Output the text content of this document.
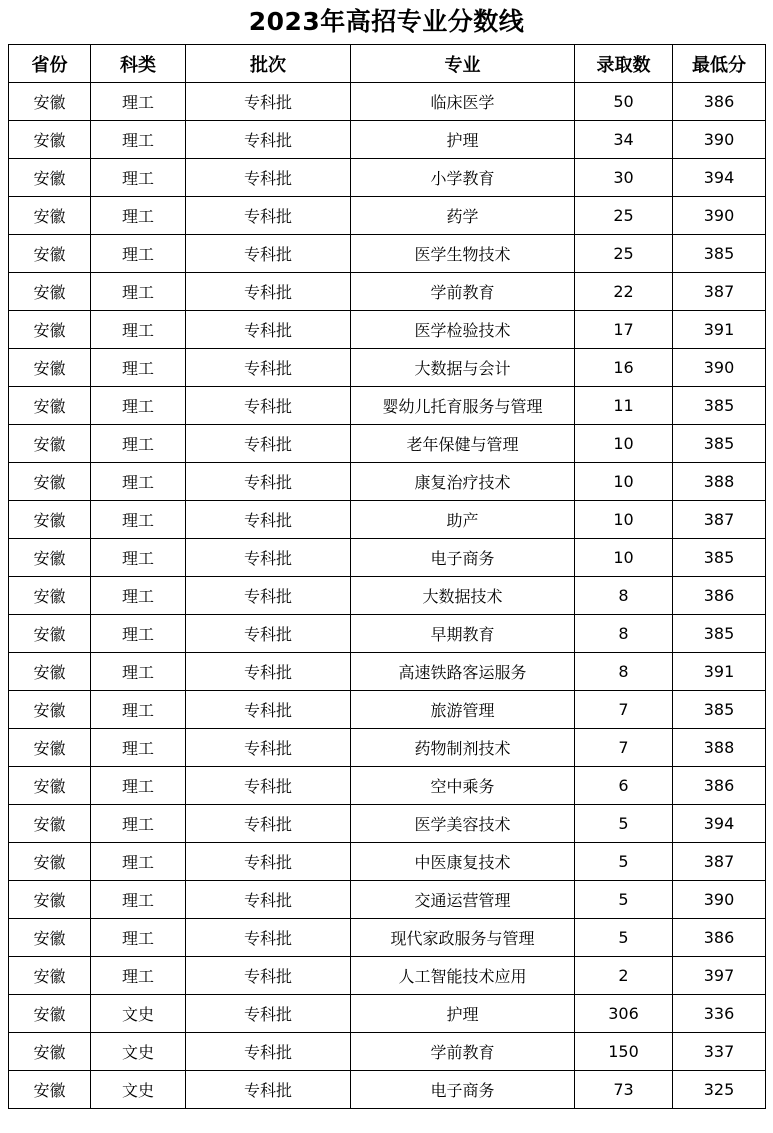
2023年高招专业分数线
省份	科类	批次	专业	录取数	最低分
安徽	理工	专科批	临床医学	50	386
安徽	理工	专科批	护理	34	390
安徽	理工	专科批	小学教育	30	394
安徽	理工	专科批	药学	25	390
安徽	理工	专科批	医学生物技术	25	385
安徽	理工	专科批	学前教育	22	387
安徽	理工	专科批	医学检验技术	17	391
安徽	理工	专科批	大数据与会计	16	390
安徽	理工	专科批	婴幼儿托育服务与管理	11	385
安徽	理工	专科批	老年保健与管理	10	385
安徽	理工	专科批	康复治疗技术	10	388
安徽	理工	专科批	助产	10	387
安徽	理工	专科批	电子商务	10	385
安徽	理工	专科批	大数据技术	8	386
安徽	理工	专科批	早期教育	8	385
安徽	理工	专科批	高速铁路客运服务	8	391
安徽	理工	专科批	旅游管理	7	385
安徽	理工	专科批	药物制剂技术	7	388
安徽	理工	专科批	空中乘务	6	386
安徽	理工	专科批	医学美容技术	5	394
安徽	理工	专科批	中医康复技术	5	387
安徽	理工	专科批	交通运营管理	5	390
安徽	理工	专科批	现代家政服务与管理	5	386
安徽	理工	专科批	人工智能技术应用	2	397
安徽	文史	专科批	护理	306	336
安徽	文史	专科批	学前教育	150	337
安徽	文史	专科批	电子商务	73	325
